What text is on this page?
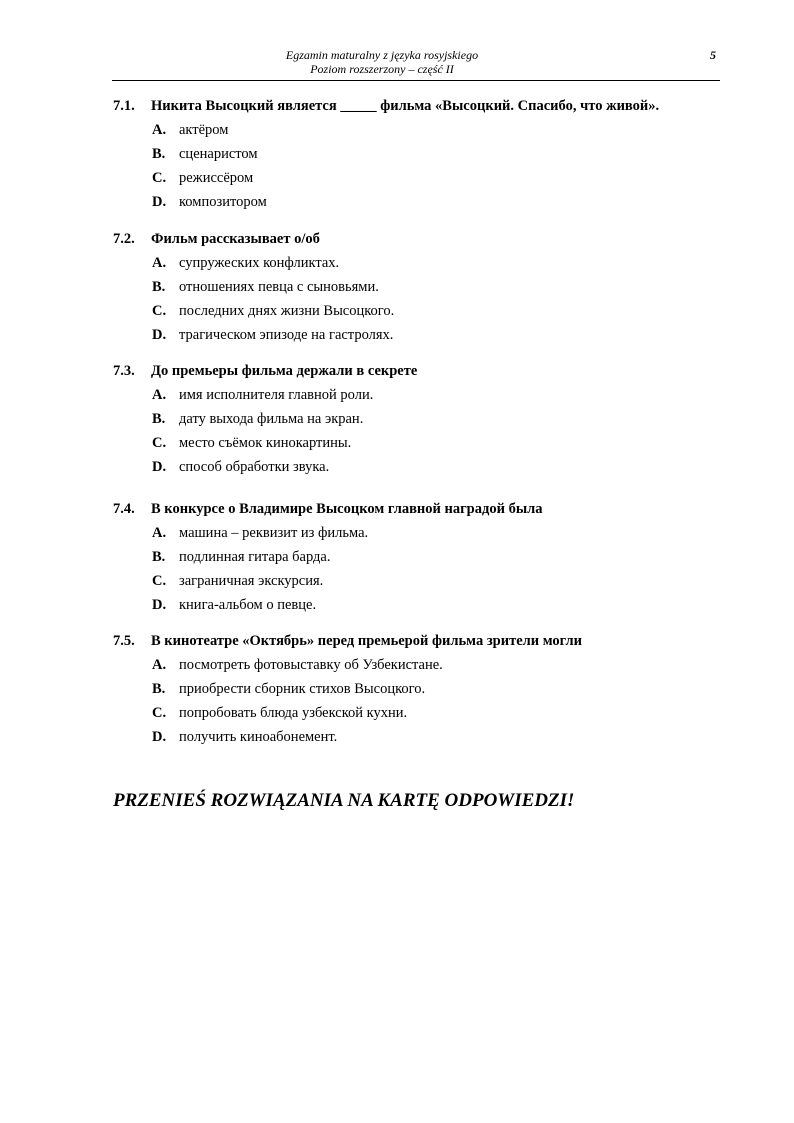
Egzamin maturalny z języka rosyjskiego
Poziom rozszerzony – część II
5
7.1. Никита Высоцкий является _____ фильма «Высоцкий. Спасибо, что живой».
A. актёром
B. сценаристом
C. режиссёром
D. композитором
7.2. Фильм рассказывает о/об
A. супружеских конфликтах.
B. отношениях певца с сыновьями.
C. последних днях жизни Высоцкого.
D. трагическом эпизоде на гастролях.
7.3. До премьеры фильма держали в секрете
A. имя исполнителя главной роли.
B. дату выхода фильма на экран.
C. место съёмок кинокартины.
D. способ обработки звука.
7.4. В конкурсе о Владимире Высоцком главной наградой была
A. машина – реквизит из фильма.
B. подлинная гитара барда.
C. заграничная экскурсия.
D. книга-альбом о певце.
7.5. В кинотеатре «Октябрь» перед премьерой фильма зрители могли
A. посмотреть фотовыставку об Узбекистане.
B. приобрести сборник стихов Высоцкого.
C. попробовать блюда узбекской кухни.
D. получить киноабонемент.
PRZENIEŚ ROZWIĄZANIA NA KARTĘ ODPOWIEDZI!
